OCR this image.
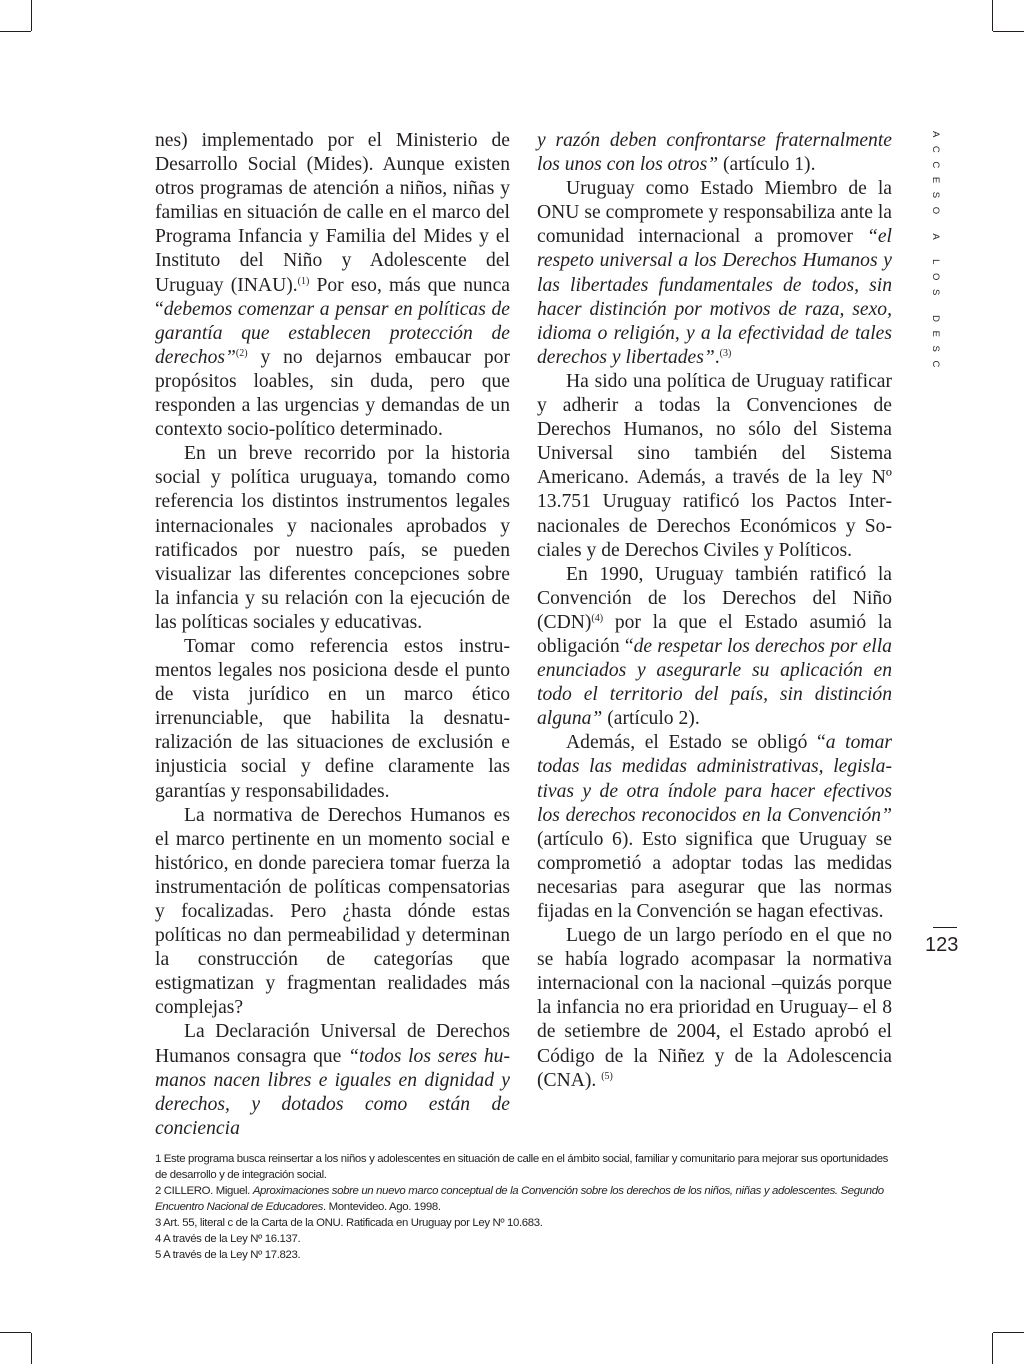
ACCESO A LOS DESC
123

nes) implementado por el Ministerio de Desarrollo Social (Mides). Aunque existen otros programas de atención a niños, niñas y familias en situación de calle en el marco del Programa Infancia y Familia del Mides y el Instituto del Niño y Adolescente del Uruguay (INAU).$^{(1)}$ Por eso, más que nunca “debemos comenzar a pensar en políticas de garantía que establecen protección de derechos”$^{(2)}$ y no dejarnos embaucar por propósitos loables, sin duda, pero que responden a las urgencias y demandas de un contexto socio-político determinado.

En un breve recorrido por la historia social y política uruguaya, tomando como referencia los distintos instrumentos legales internacionales y nacionales aprobados y ratificados por nuestro país, se pueden visualizar las diferentes concepciones sobre la infancia y su relación con la ejecución de las políticas sociales y educativas.

Tomar como referencia estos instrumentos legales nos posiciona desde el punto de vista jurídico en un marco ético irrenunciable, que habilita la desnaturalización de las situaciones de exclusión e injusticia social y define claramente las garantías y responsabilidades.

La normativa de Derechos Humanos es el marco pertinente en un momento social e histórico, en donde pareciera tomar fuerza la instrumentación de políticas compensatorias y focalizadas. Pero ¿hasta dónde estas políticas no dan permeabilidad y determinan la construcción de categorías que estigmatizan y fragmentan realidades más complejas?

La Declaración Universal de Derechos Humanos consagra que “todos los seres humanos nacen libres e iguales en dignidad y derechos, y dotados como están de conciencia

y razón deben confrontarse fraternalmente los unos con los otros” (artículo 1).

Uruguay como Estado Miembro de la ONU se compromete y responsabiliza ante la comunidad internacional a promover “el respeto universal a los Derechos Humanos y las libertades fundamentales de todos, sin hacer distinción por motivos de raza, sexo, idioma o religión, y a la efectividad de tales derechos y libertades”.$^{(3)}$

Ha sido una política de Uruguay ratificar y adherir a todas la Convenciones de Derechos Humanos, no sólo del Sistema Universal sino también del Sistema Americano. Además, a través de la ley Nº 13.751 Uruguay ratificó los Pactos Internacionales de Derechos Económicos y Sociales y de Derechos Civiles y Políticos.

En 1990, Uruguay también ratificó la Convención de los Derechos del Niño (CDN)$^{(4)}$ por la que el Estado asumió la obligación “de respetar los derechos por ella enunciados y asegurarle su aplicación en todo el territorio del país, sin distinción alguna” (artículo 2).

Además, el Estado se obligó “a tomar todas las medidas administrativas, legislativas y de otra índole para hacer efectivos los derechos reconocidos en la Convención” (artículo 6). Esto significa que Uruguay se comprometió a adoptar todas las medidas necesarias para asegurar que las normas fijadas en la Convención se hagan efectivas.

Luego de un largo período en el que no se había logrado acompasar la normativa internacional con la nacional –quizás porque la infancia no era prioridad en Uruguay– el 8 de setiembre de 2004, el Estado aprobó el Código de la Niñez y de la Adolescencia (CNA). $^{(5)}$

1 Este programa busca reinsertar a los niños y adolescentes en situación de calle en el ámbito social, familiar y comunitario para mejorar sus oportunidades de desarrollo y de integración social.

2 CILLERO. Miguel. Aproximaciones sobre un nuevo marco conceptual de la Convención sobre los derechos de los niños, niñas y adolescentes. Segundo Encuentro Nacional de Educadores. Montevideo. Ago. 1998.

3 Art. 55, literal c de la Carta de la ONU. Ratificada en Uruguay por Ley Nº 10.683.

4 A través de la Ley Nº 16.137.

5 A través de la Ley Nº 17.823.
